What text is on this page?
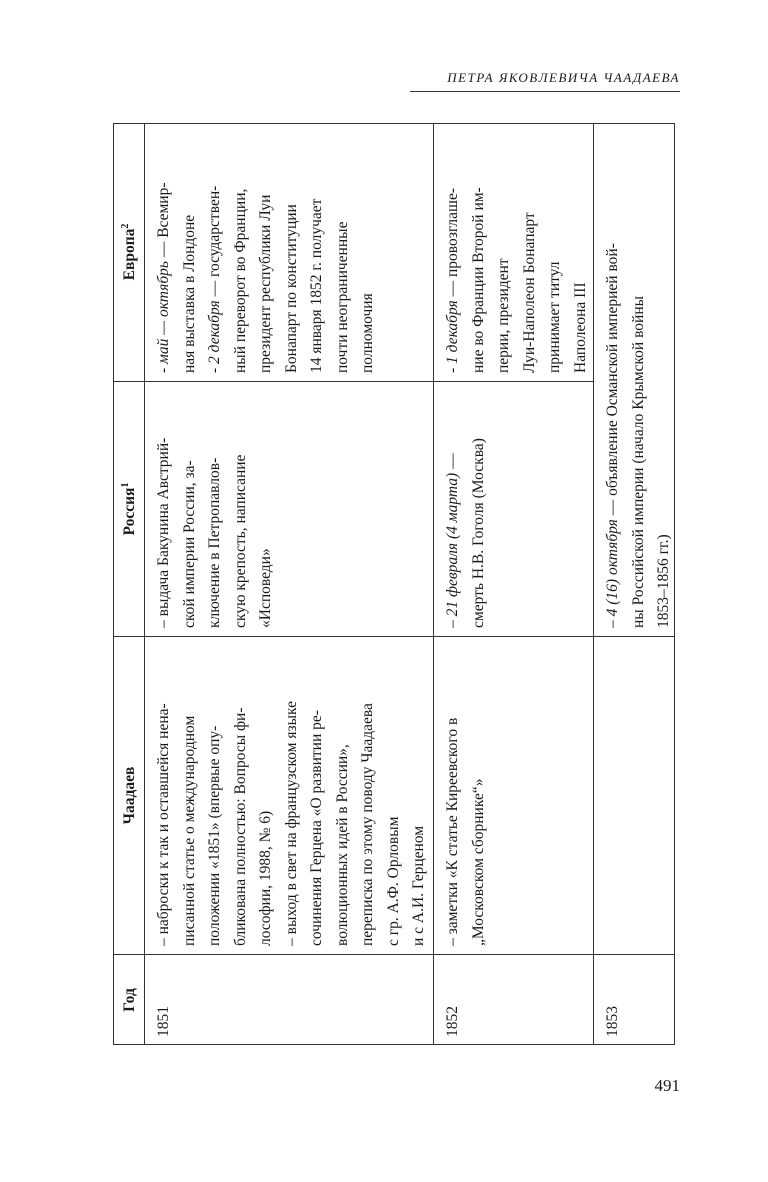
ПЕТРА ЯКОВЛЕВИЧА ЧААДАЕВА
Год
Чаадаев
Россия$^1$
Европа$^2$
1851
– наброски к так и оставшейся нена- писанной статье о международном положении «1851» (впервые опу- бликована полностью: Вопросы фи- лософии, 1988, № 6) – выход в свет на французском языке сочинения Герцена «О развитии ре- волюционных идей в России», переписка по этому поводу Чаадаева с гр. А.Ф. Орловым и с А.И. Герценом
– выдача Бакунина Австрий- ской империи России, за- ключение в Петропавлов- скую крепость, написание «Исповеди»
- май — октябрь — Всемир- ная выставка в Лондоне - 2 декабря — государствен- ный переворот во Франции, президент республики Луи Бонапарт по конституции 14 января 1852 г. получает почти неограниченные полномочия
1852
– заметки «К статье Киреевского в „Московском сборнике“»
– 21 февраля (4 марта) — смерть Н.В. Гоголя (Москва)
- 1 декабря — провозглаше- ние во Франции Второй им- перии, президент Луи-Наполеон Бонапарт принимает титул Наполеона III
1853
– 4 (16) октября — объявление Османской империей вой- ны Российской империи (начало Крымской войны 1853–1856 гг.)
491
